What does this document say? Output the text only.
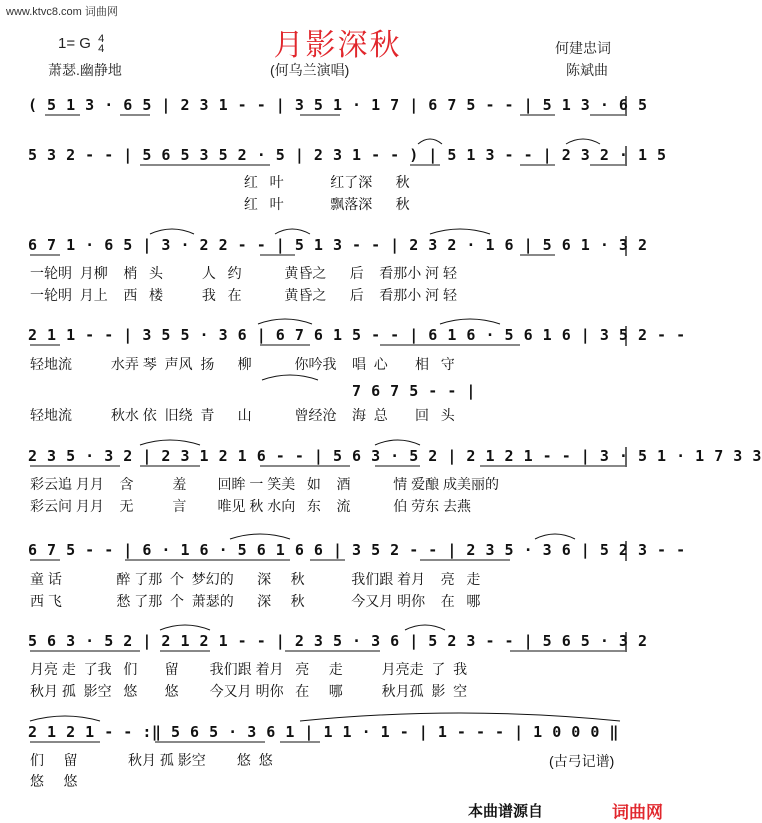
www.ktvc8.com 词曲网
月影深秋
1= G 4
4
萧瑟.幽静地	(何乌兰演唱)
何建忠词
陈斌曲
( 5 1 3 · 6 5 | 2 3 1 - - | 3 5 1 · 1 7 | 6 7 5 - - | 5 1 3 · 6 5
5 3 2 - - | 5 6 5 3 5 2 · 5 | 2 3 1 - - ) | 5 1 3 - - | 2 3 2 · 1 5
红   叶            红了深      秋
红   叶            飘落深      秋
6 7 1 · 6 5 | 3 · 2 2 - - | 5 1 3 - - | 2 3 2 · 1 6 | 5 6 1 · 3 2
一轮明  月柳    梢   头          人   约           黄昏之      后    看那小 河 轻
一轮明  月上    西   楼          我   在           黄昏之      后    看那小 河 轻
2 1 1 - - | 3 5 5 · 3 6 | 6 7 6 1 5 - - | 6 1 6 · 5 6 1 6 | 3 5 2 - -
轻地流          水弄 琴  声风  扬      柳           你吟我    唱  心       相   守
7 6 7 5 - - |
轻地流          秋水 依  旧绕  青      山           曾经沧    海  总       回   头
2 3 5 · 3 2 | 2 3 1 2 1 6 - - | 5 6 3 · 5 2 | 2 1 2 1 - - | 3 · 5 1 · 1 7 3 3
彩云追 月月    含          羞        回眸 一 笑美   如    酒           情 爱酿 成美丽的
彩云问 月月    无          言        唯见 秋 水向   东    流           伯 劳东 去燕
6 7 5 - - | 6 · 1 6 · 5 6 1 6 6 | 3 5 2 - - | 2 3 5 · 3 6 | 5 2 3 - -
童 话              醉 了那  个  梦幻的      深     秋            我们跟 着月    亮   走
西 飞              愁 了那  个  萧瑟的      深     秋            今又月 明你    在   哪
5 6 3 · 5 2 | 2 1 2 1 - - | 2 3 5 · 3 6 | 5 2 3 - - | 5 6 5 · 3 2
月亮 走  了我   们       留        我们跟 着月   亮     走          月亮走  了  我
秋月 孤  影空   悠       悠        今又月 明你   在     哪          秋月孤  影  空
2 1 2 1 - - :‖ 5 6 5 · 3 6 1 | 1 1 · 1 - | 1 - - - | 1 0 0 0 ‖
们     留             秋月 孤 影空        悠  悠
悠     悠
(古弓记谱)
本曲谱源自	词曲网
